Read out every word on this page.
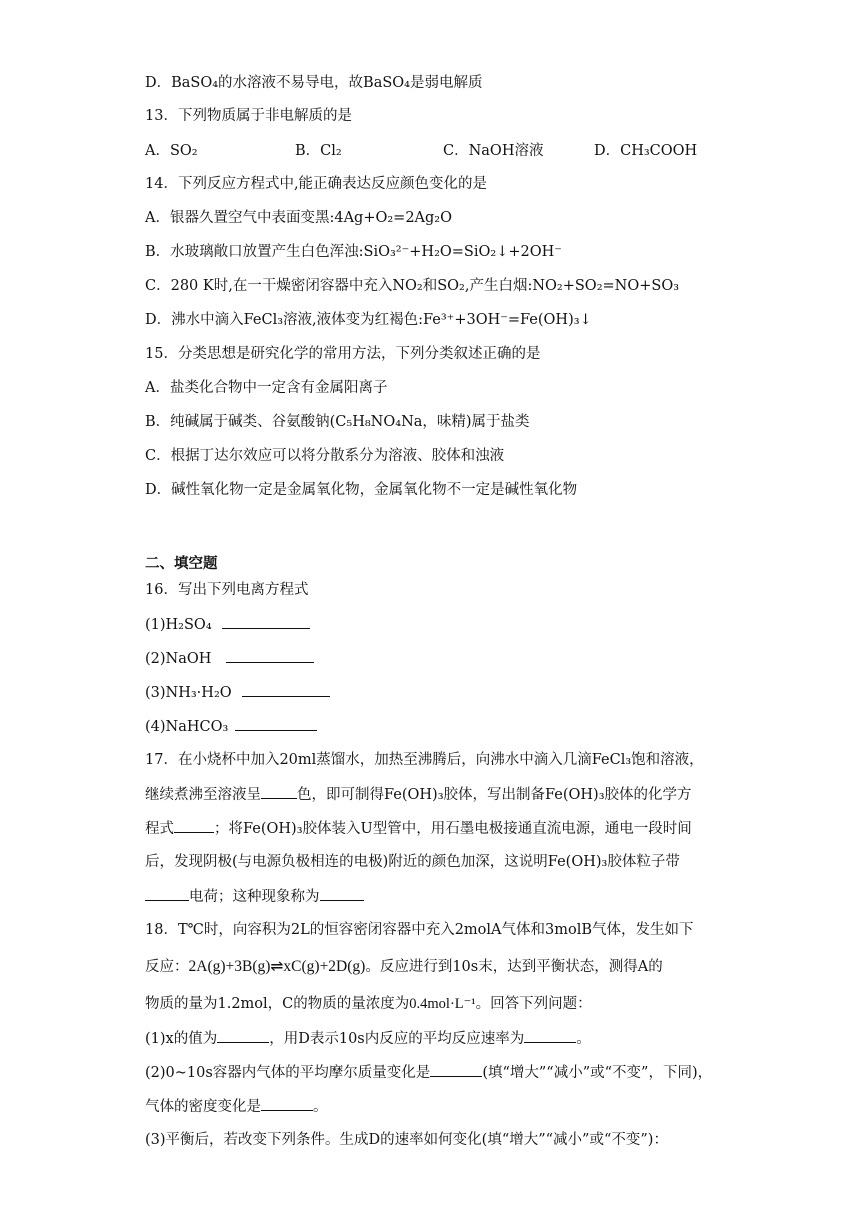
D．BaSO₄的水溶液不易导电，故BaSO₄是弱电解质
13．下列物质属于非电解质的是
A．SO₂	B．Cl₂	C．NaOH溶液	D．CH₃COOH
14．下列反应方程式中,能正确表达反应颜色变化的是
A．银器久置空气中表面变黑:4Ag+O₂=2Ag₂O
B．水玻璃敞口放置产生白色浑浊:SiO₃²⁻+H₂O=SiO₂↓+2OH⁻
C．280 K时,在一干燥密闭容器中充入NO₂和SO₂,产生白烟:NO₂+SO₂=NO+SO₃
D．沸水中滴入FeCl₃溶液,液体变为红褐色:Fe³⁺+3OH⁻=Fe(OH)₃↓
15．分类思想是研究化学的常用方法，下列分类叙述正确的是
A．盐类化合物中一定含有金属阳离子
B．纯碱属于碱类、谷氨酸钠(C₅H₈NO₄Na，味精)属于盐类
C．根据丁达尔效应可以将分散系分为溶液、胶体和浊液
D．碱性氧化物一定是金属氧化物，金属氧化物不一定是碱性氧化物
二、填空题
16．写出下列电离方程式
(1)H₂SO₄
(2)NaOH
(3)NH₃·H₂O
(4)NaHCO₃
17．在小烧杯中加入20ml蒸馏水，加热至沸腾后，向沸水中滴入几滴FeCl₃饱和溶液，
继续煮沸至溶液呈 色，即可制得Fe(OH)₃胶体，写出制备Fe(OH)₃胶体的化学方
程式	；将Fe(OH)₃胶体装入U型管中，用石墨电极接通直流电源，通电一段时间
后，发现阴极(与电源负极相连的电极)附近的颜色加深，这说明Fe(OH)₃胶体粒子带
电荷；这种现象称为
18．T℃时，向容积为2L的恒容密闭容器中充入2molA气体和3molB气体，发生如下
反应：2A(g)+3B(g)⇌xC(g)+2D(g)。反应进行到10s末，达到平衡状态，测得A的
物质的量为1.2mol，C的物质的量浓度为0.4mol·L⁻¹。回答下列问题：
(1)x的值为	，用D表示10s内反应的平均反应速率为	。
(2)0~10s容器内气体的平均摩尔质量变化是	(填“增大”“减小”或“不变”，下同)，
气体的密度变化是	。
(3)平衡后，若改变下列条件。生成D的速率如何变化(填“增大”“减小”或“不变”)：
